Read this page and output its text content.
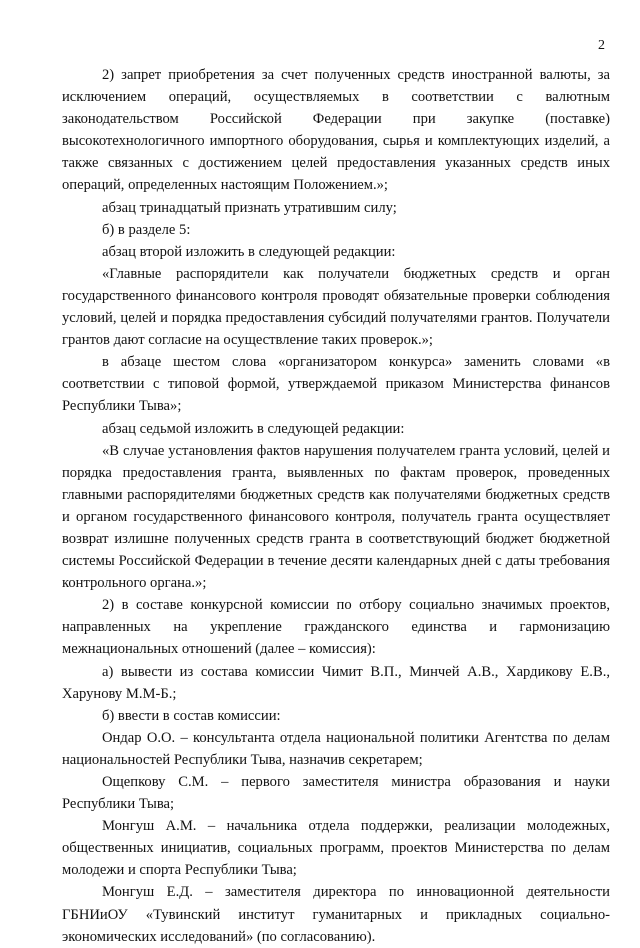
2

2) запрет приобретения за счет полученных средств иностранной валюты, за исключением операций, осуществляемых в соответствии с валютным законодательством Российской Федерации при закупке (поставке) высокотехнологичного импортного оборудования, сырья и комплектующих изделий, а также связанных с достижением целей предоставления указанных средств иных операций, определенных настоящим Положением.»;

абзац тринадцатый признать утратившим силу;

б) в разделе 5:

абзац второй изложить в следующей редакции:

«Главные распорядители как получатели бюджетных средств и орган государственного финансового контроля проводят обязательные проверки соблюдения условий, целей и порядка предоставления субсидий получателями грантов. Получатели грантов дают согласие на осуществление таких проверок.»;

в абзаце шестом слова «организатором конкурса» заменить словами «в соответствии с типовой формой, утверждаемой приказом Министерства финансов Республики Тыва»;

абзац седьмой изложить в следующей редакции:

«В случае установления фактов нарушения получателем гранта условий, целей и порядка предоставления гранта, выявленных по фактам проверок, проведенных главными распорядителями бюджетных средств как получателями бюджетных средств и органом государственного финансового контроля, получатель гранта осуществляет возврат излишне полученных средств гранта в соответствующий бюджет бюджетной системы Российской Федерации в течение десяти календарных дней с даты требования контрольного органа.»;

2) в составе конкурсной комиссии по отбору социально значимых проектов, направленных на укрепление гражданского единства и гармонизацию межнациональных отношений (далее – комиссия):

а) вывести из состава комиссии Чимит В.П., Минчей А.В., Хардикову Е.В., Харунову М.М-Б.;

б) ввести в состав комиссии:

Ондар О.О. – консультанта отдела национальной политики Агентства по делам национальностей Республики Тыва, назначив секретарем;

Ощепкову С.М. – первого заместителя министра образования и науки Республики Тыва;

Монгуш А.М. – начальника отдела поддержки, реализации молодежных, общественных инициатив, социальных программ, проектов Министерства по делам молодежи и спорта Республики Тыва;

Монгуш Е.Д. – заместителя директора по инновационной деятельности ГБНИиОУ «Тувинский институт гуманитарных и прикладных социально-экономических исследований» (по согласованию).
